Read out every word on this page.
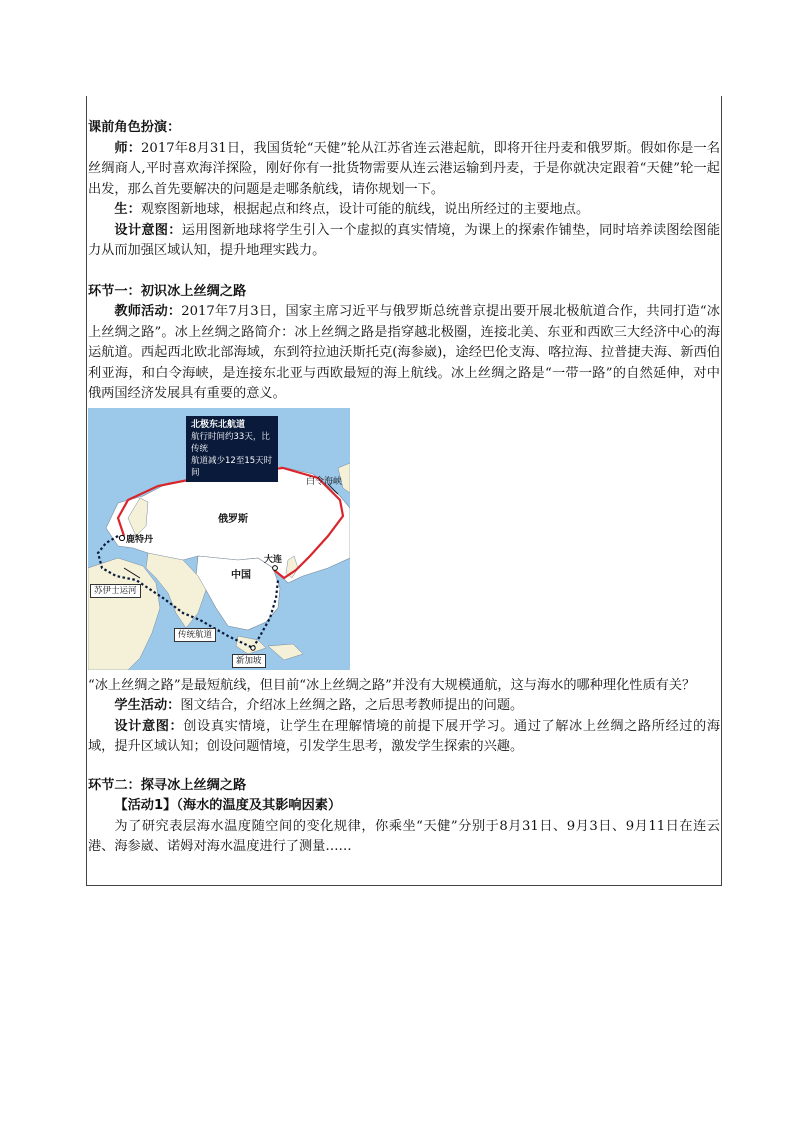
课前角色扮演：

师：2017年8月31日，我国货轮“天健”轮从江苏省连云港起航，即将开往丹麦和俄罗斯。假如你是一名丝绸商人,平时喜欢海洋探险，刚好你有一批货物需要从连云港运输到丹麦，于是你就决定跟着“天健”轮一起出发，那么首先要解决的问题是走哪条航线，请你规划一下。

生：观察图新地球，根据起点和终点，设计可能的航线，说出所经过的主要地点。

设计意图：运用图新地球将学生引入一个虚拟的真实情境，为课上的探索作铺垫，同时培养读图绘图能力从而加强区域认知，提升地理实践力。

环节一：初识冰上丝绸之路

教师活动：2017年7月3日，国家主席习近平与俄罗斯总统普京提出要开展北极航道合作，共同打造“冰上丝绸之路”。冰上丝绸之路简介：冰上丝绸之路是指穿越北极圈，连接北美、东亚和西欧三大经济中心的海运航道。西起西北欧北部海域，东到符拉迪沃斯托克(海参崴)，途经巴伦支海、喀拉海、拉普捷夫海、新西伯利亚海，和白令海峡，是连接东北亚与西欧最短的海上航线。冰上丝绸之路是“一带一路”的自然延伸，对中俄两国经济发展具有重要的意义。

北极东北航道
航行时间约33天，比传统
航道减少12至15天时间
白令海峡
俄罗斯
鹿特丹
大连
中国
苏伊士运河
传统航道
新加坡

“冰上丝绸之路”是最短航线，但目前“冰上丝绸之路”并没有大规模通航，这与海水的哪种理化性质有关？

学生活动：图文结合，介绍冰上丝绸之路，之后思考教师提出的问题。

设计意图：创设真实情境，让学生在理解情境的前提下展开学习。通过了解冰上丝绸之路所经过的海域，提升区域认知；创设问题情境，引发学生思考，激发学生探索的兴趣。

环节二：探寻冰上丝绸之路

【活动1】（海水的温度及其影响因素）

为了研究表层海水温度随空间的变化规律，你乘坐“天健”分别于8月31日、9月3日、9月11日在连云港、海参崴、诺姆对海水温度进行了测量……
